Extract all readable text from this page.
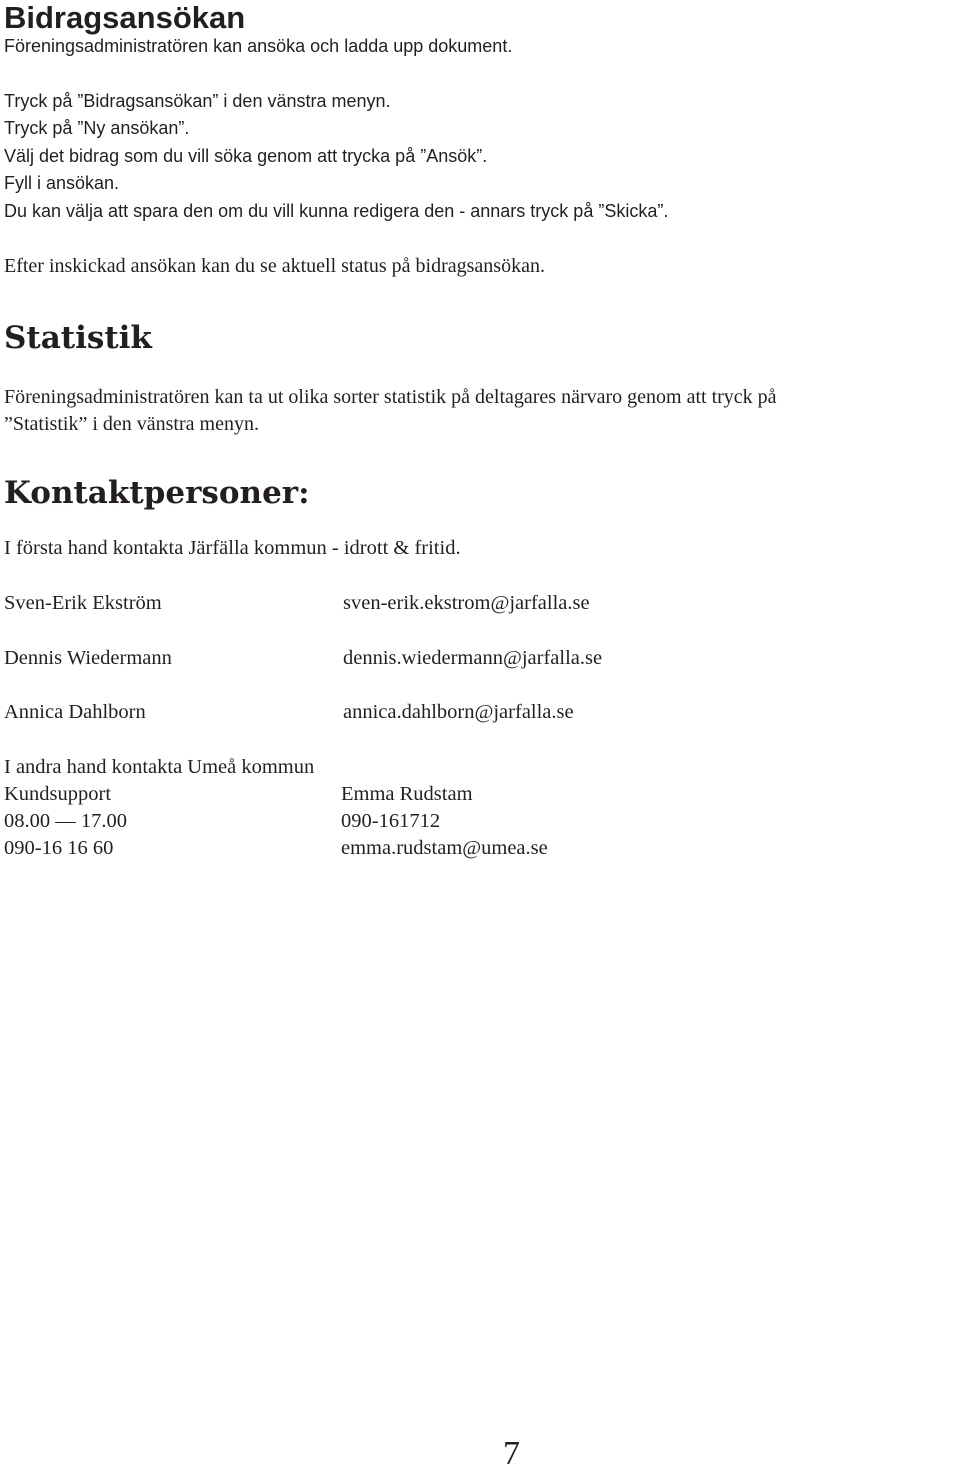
Bidragsansökan
Föreningsadministratören kan ansöka och ladda upp dokument.
Tryck på ”Bidragsansökan” i den vänstra menyn.
Tryck på ”Ny ansökan”.
Välj det bidrag som du vill söka genom att trycka på ”Ansök”.
Fyll i ansökan.
Du kan välja att spara den om du vill kunna redigera den - annars tryck på ”Skicka”.
Efter inskickad ansökan kan du se aktuell status på bidragsansökan.
Statistik
Föreningsadministratören kan ta ut olika sorter statistik på deltagares närvaro genom att tryck på
”Statistik” i den vänstra menyn.
Kontaktpersoner:
I första hand kontakta Järfälla kommun - idrott & fritid.
Sven-Erik Ekström	sven-erik.ekstrom@jarfalla.se
Dennis Wiedermann	dennis.wiedermann@jarfalla.se
Annica Dahlborn	annica.dahlborn@jarfalla.se
I andra hand kontakta Umeå kommun
Kundsupport	Emma Rudstam
08.00 — 17.00	090-161712
090-16 16 60	emma.rudstam@umea.se
7
